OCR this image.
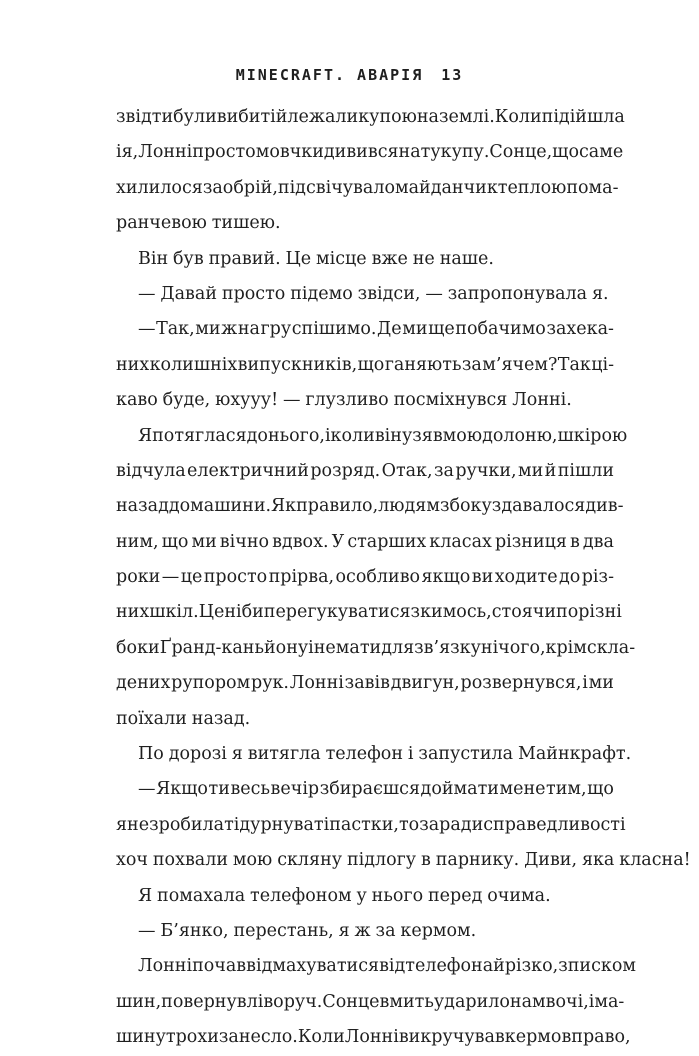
MINECRAFT. АВАРІЯ 13
звідти були вибиті й лежали купою на землі. Коли підійшла
і я, Лонні просто мовчки дивився на ту купу. Сонце, що саме
хилилося за обрій, підсвічувало майданчик теплою пома-
ранчевою тишею.
Він був правий. Це місце вже не наше.
— Давай просто підемо звідси, — запропонувала я.
— Так, ми ж на гру спішимо. Де ми ще побачимо захека-
них колишніх випускників, що ганяють за м’ячем? Так ці-
каво буде, юхууу! — глузливо посміхнувся Лонні.
Я потяглася до нього, і коли він узяв мою долоню, шкірою
відчула електричний розряд. Отак, за ручки, ми й пішли
назад до машини. Як правило, людям збоку здавалося див-
ним, що ми вічно вдвох. У старших класах різниця в два
роки — це просто прірва, особливо якщо ви ходите до різ-
них шкіл. Це ніби перегукуватися з кимось, стоячи по різні
боки Ґранд-каньйону і не мати для зв’язку нічого, крім скла-
дених рупором рук. Лонні завів двигун, розвернувся, і ми
поїхали назад.
По дорозі я витягла телефон і запустила Майнкрафт.
— Якщо ти весь вечір збираєшся доймати мене тим, що
я не зробила ті дурнуваті пастки, то заради справедливості
хоч похвали мою скляну підлогу в парнику. Диви, яка класна!
Я помахала телефоном у нього перед очима.
— Б’янко, перестань, я ж за кермом.
Лонні почав відмахуватися від телефона й різко, з писком
шин, повернув ліворуч. Сонце вмить ударило нам в очі, і ма-
шину трохи занесло. Коли Лонні викручував кермо вправо,
